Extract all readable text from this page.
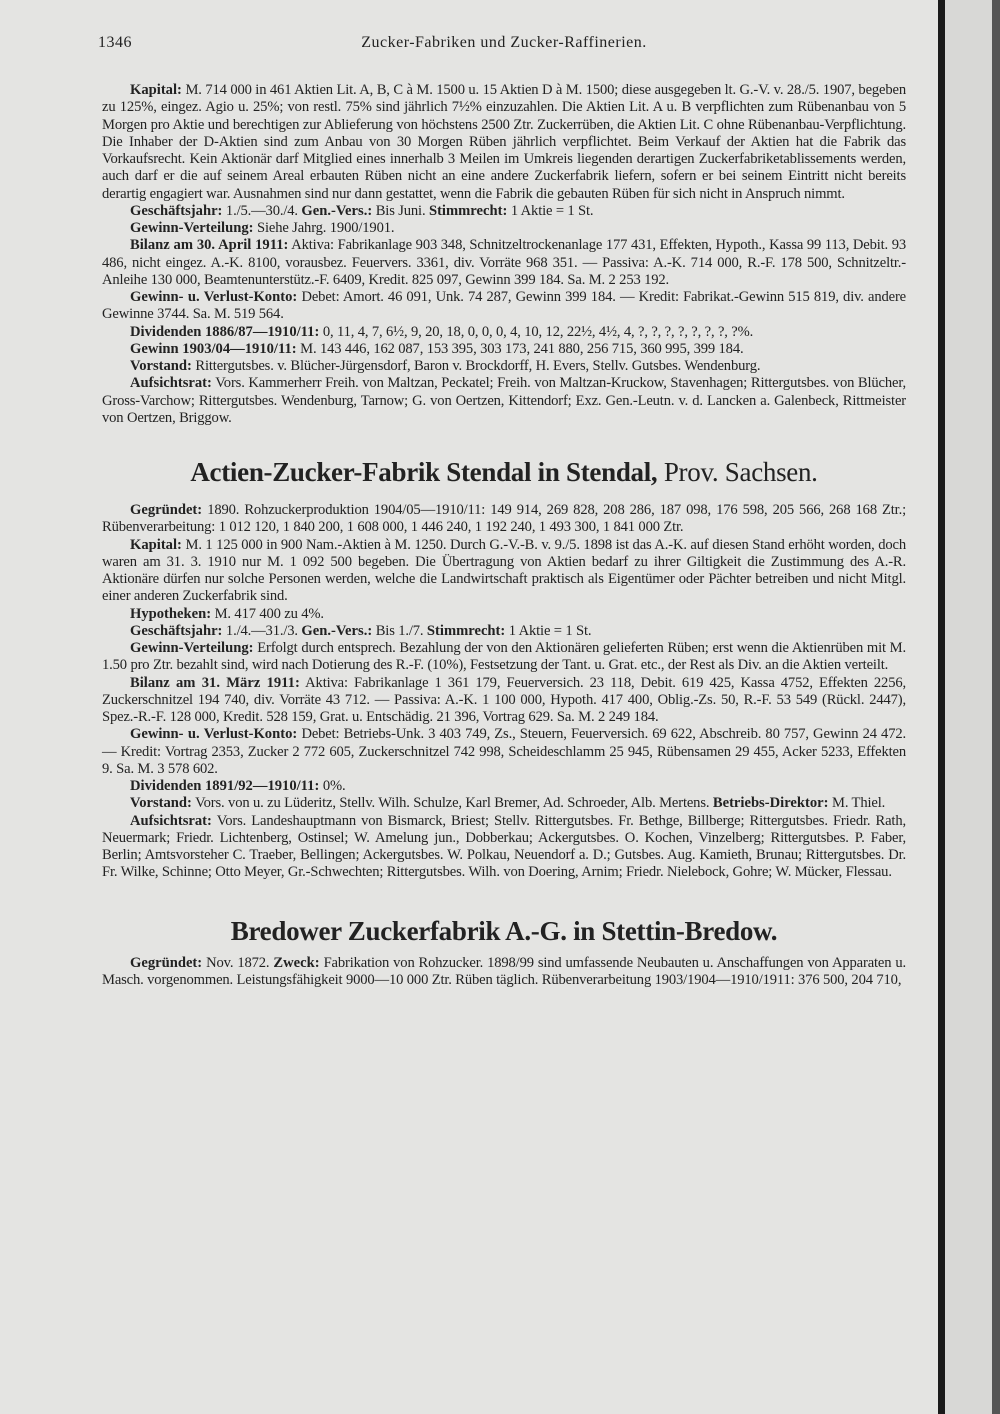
1346	Zucker-Fabriken und Zucker-Raffinerien.

Kapital: M. 714 000 in 461 Aktien Lit. A, B, C à M. 1500 u. 15 Aktien D à M. 1500; diese ausgegeben lt. G.-V. v. 28./5. 1907, begeben zu 125%, eingez. Agio u. 25%; von restl. 75% sind jährlich 7½% einzuzahlen. Die Aktien Lit. A u. B verpflichten zum Rübenanbau von 5 Morgen pro Aktie und berechtigen zur Ablieferung von höchstens 2500 Ztr. Zuckerrüben, die Aktien Lit. C ohne Rübenanbau-Verpflichtung. Die Inhaber der D-Aktien sind zum Anbau von 30 Morgen Rüben jährlich verpflichtet. Beim Verkauf der Aktien hat die Fabrik das Vorkaufsrecht. Kein Aktionär darf Mitglied eines innerhalb 3 Meilen im Umkreis liegenden derartigen Zuckerfabriketablissements werden, auch darf er die auf seinem Areal erbauten Rüben nicht an eine andere Zuckerfabrik liefern, sofern er bei seinem Eintritt nicht bereits derartig engagiert war. Ausnahmen sind nur dann gestattet, wenn die Fabrik die gebauten Rüben für sich nicht in Anspruch nimmt.

Geschäftsjahr: 1./5.—30./4. Gen.-Vers.: Bis Juni. Stimmrecht: 1 Aktie = 1 St.

Gewinn-Verteilung: Siehe Jahrg. 1900/1901.

Bilanz am 30. April 1911: Aktiva: Fabrikanlage 903 348, Schnitzeltrockenanlage 177 431, Effekten, Hypoth., Kassa 99 113, Debit. 93 486, nicht eingez. A.-K. 8100, vorausbez. Feuervers. 3361, div. Vorräte 968 351. — Passiva: A.-K. 714 000, R.-F. 178 500, Schnitzeltr.-Anleihe 130 000, Beamtenunterstütz.-F. 6409, Kredit. 825 097, Gewinn 399 184. Sa. M. 2 253 192.

Gewinn- u. Verlust-Konto: Debet: Amort. 46 091, Unk. 74 287, Gewinn 399 184. — Kredit: Fabrikat.-Gewinn 515 819, div. andere Gewinne 3744. Sa. M. 519 564.

Dividenden 1886/87—1910/11: 0, 11, 4, 7, 6½, 9, 20, 18, 0, 0, 0, 4, 10, 12, 22½, 4½, 4, ?, ?, ?, ?, ?, ?, ?, ?%.

Gewinn 1903/04—1910/11: M. 143 446, 162 087, 153 395, 303 173, 241 880, 256 715, 360 995, 399 184.

Vorstand: Rittergutsbes. v. Blücher-Jürgensdorf, Baron v. Brockdorff, H. Evers, Stellv. Gutsbes. Wendenburg.

Aufsichtsrat: Vors. Kammerherr Freih. von Maltzan, Peckatel; Freih. von Maltzan-Kruckow, Stavenhagen; Rittergutsbes. von Blücher, Gross-Varchow; Rittergutsbes. Wendenburg, Tarnow; G. von Oertzen, Kittendorf; Exz. Gen.-Leutn. v. d. Lancken a. Galenbeck, Rittmeister von Oertzen, Briggow.

Actien-Zucker-Fabrik Stendal in Stendal, Prov. Sachsen.

Gegründet: 1890. Rohzuckerproduktion 1904/05—1910/11: 149 914, 269 828, 208 286, 187 098, 176 598, 205 566, 268 168 Ztr.; Rübenverarbeitung: 1 012 120, 1 840 200, 1 608 000, 1 446 240, 1 192 240, 1 493 300, 1 841 000 Ztr.

Kapital: M. 1 125 000 in 900 Nam.-Aktien à M. 1250. Durch G.-V.-B. v. 9./5. 1898 ist das A.-K. auf diesen Stand erhöht worden, doch waren am 31. 3. 1910 nur M. 1 092 500 begeben. Die Übertragung von Aktien bedarf zu ihrer Giltigkeit die Zustimmung des A.-R. Aktionäre dürfen nur solche Personen werden, welche die Landwirtschaft praktisch als Eigentümer oder Pächter betreiben und nicht Mitgl. einer anderen Zuckerfabrik sind.

Hypotheken: M. 417 400 zu 4%.

Geschäftsjahr: 1./4.—31./3. Gen.-Vers.: Bis 1./7. Stimmrecht: 1 Aktie = 1 St.

Gewinn-Verteilung: Erfolgt durch entsprech. Bezahlung der von den Aktionären gelieferten Rüben; erst wenn die Aktienrüben mit M. 1.50 pro Ztr. bezahlt sind, wird nach Dotierung des R.-F. (10%), Festsetzung der Tant. u. Grat. etc., der Rest als Div. an die Aktien verteilt.

Bilanz am 31. März 1911: Aktiva: Fabrikanlage 1 361 179, Feuerversich. 23 118, Debit. 619 425, Kassa 4752, Effekten 2256, Zuckerschnitzel 194 740, div. Vorräte 43 712. — Passiva: A.-K. 1 100 000, Hypoth. 417 400, Oblig.-Zs. 50, R.-F. 53 549 (Rückl. 2447), Spez.-R.-F. 128 000, Kredit. 528 159, Grat. u. Entschädig. 21 396, Vortrag 629. Sa. M. 2 249 184.

Gewinn- u. Verlust-Konto: Debet: Betriebs-Unk. 3 403 749, Zs., Steuern, Feuerversich. 69 622, Abschreib. 80 757, Gewinn 24 472. — Kredit: Vortrag 2353, Zucker 2 772 605, Zuckerschnitzel 742 998, Scheideschlamm 25 945, Rübensamen 29 455, Acker 5233, Effekten 9. Sa. M. 3 578 602.

Dividenden 1891/92—1910/11: 0%.

Vorstand: Vors. von u. zu Lüderitz, Stellv. Wilh. Schulze, Karl Bremer, Ad. Schroeder, Alb. Mertens. Betriebs-Direktor: M. Thiel.

Aufsichtsrat: Vors. Landeshauptmann von Bismarck, Briest; Stellv. Rittergutsbes. Fr. Bethge, Billberge; Rittergutsbes. Friedr. Rath, Neuermark; Friedr. Lichtenberg, Ostinsel; W. Amelung jun., Dobberkau; Ackergutsbes. O. Kochen, Vinzelberg; Rittergutsbes. P. Faber, Berlin; Amtsvorsteher C. Traeber, Bellingen; Ackergutsbes. W. Polkau, Neuendorf a. D.; Gutsbes. Aug. Kamieth, Brunau; Rittergutsbes. Dr. Fr. Wilke, Schinne; Otto Meyer, Gr.-Schwechten; Rittergutsbes. Wilh. von Doering, Arnim; Friedr. Nielebock, Gohre; W. Mücker, Flessau.

Bredower Zuckerfabrik A.-G. in Stettin-Bredow.

Gegründet: Nov. 1872. Zweck: Fabrikation von Rohzucker. 1898/99 sind umfassende Neubauten u. Anschaffungen von Apparaten u. Masch. vorgenommen. Leistungsfähigkeit 9000—10 000 Ztr. Rüben täglich. Rübenverarbeitung 1903/1904—1910/1911: 376 500, 204 710,
